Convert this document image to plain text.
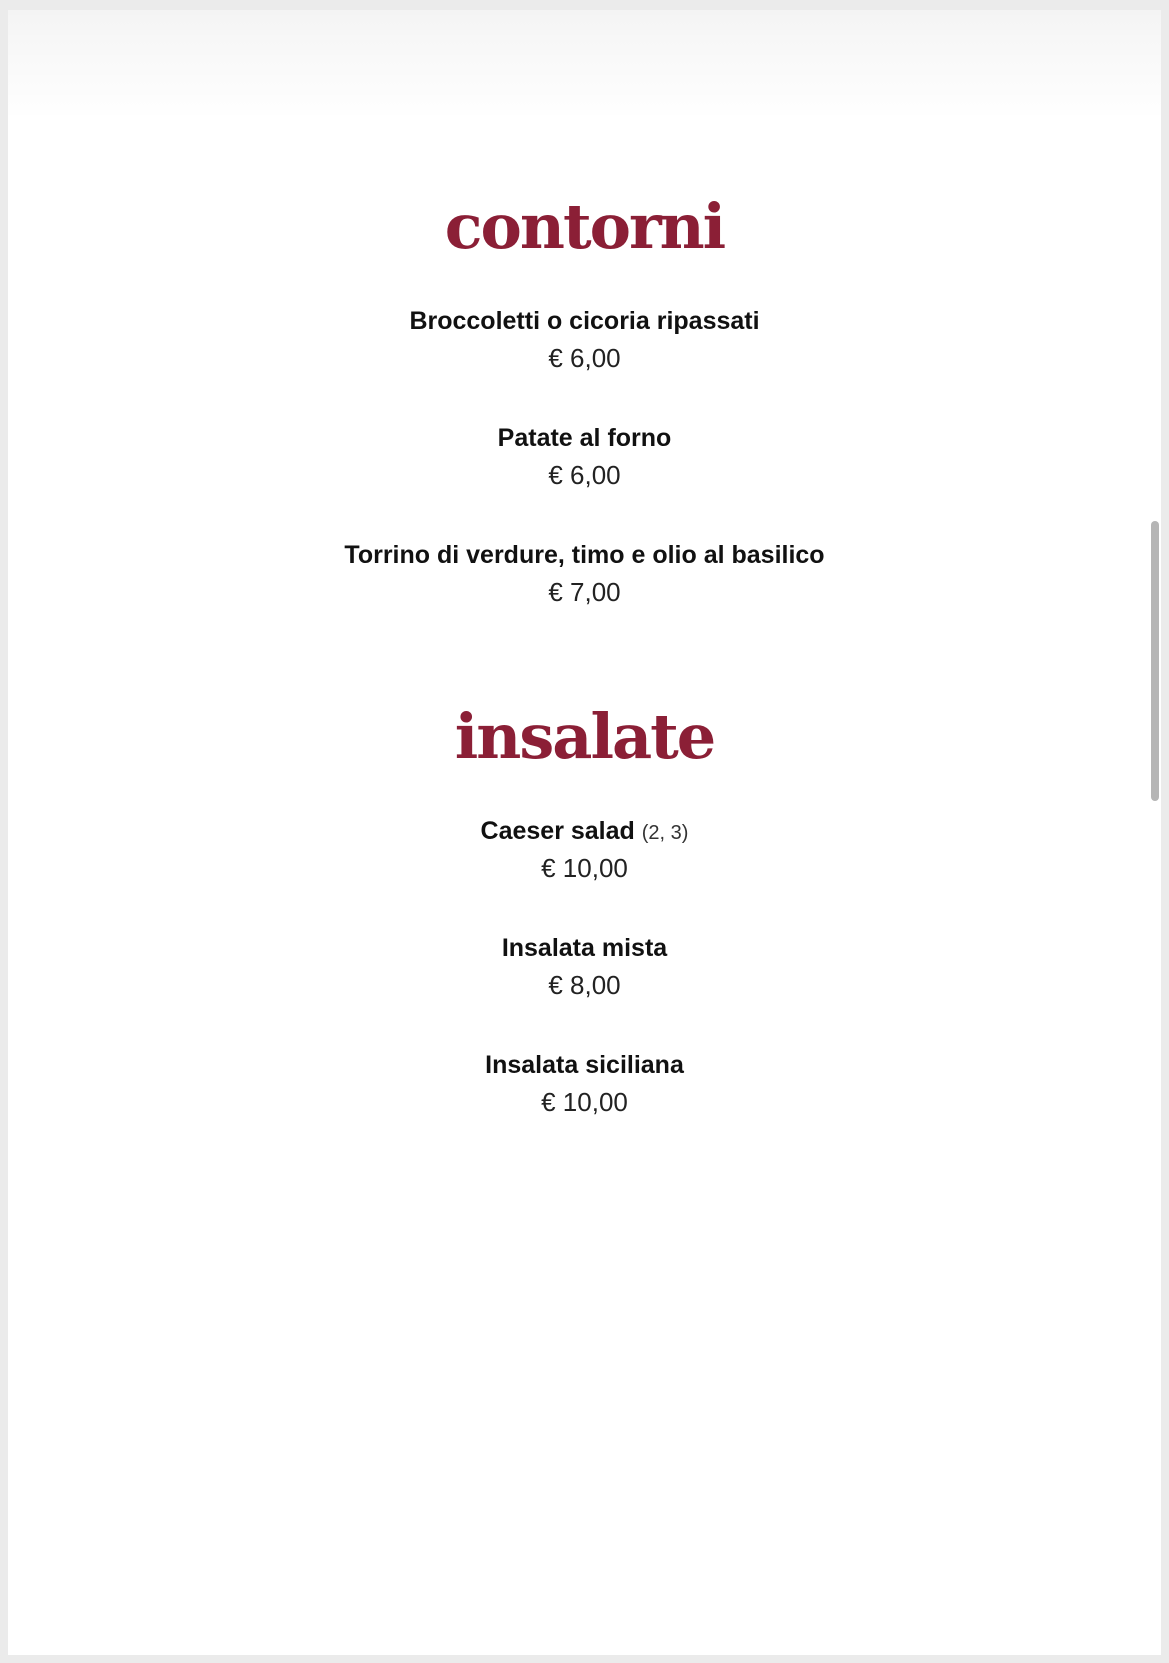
contorni
Broccoletti o cicoria ripassati
€ 6,00
Patate al forno
€ 6,00
Torrino di verdure, timo e olio al basilico
€ 7,00
insalate
Caeser salad (2, 3)
€ 10,00
Insalata mista
€ 8,00
Insalata siciliana
€ 10,00
